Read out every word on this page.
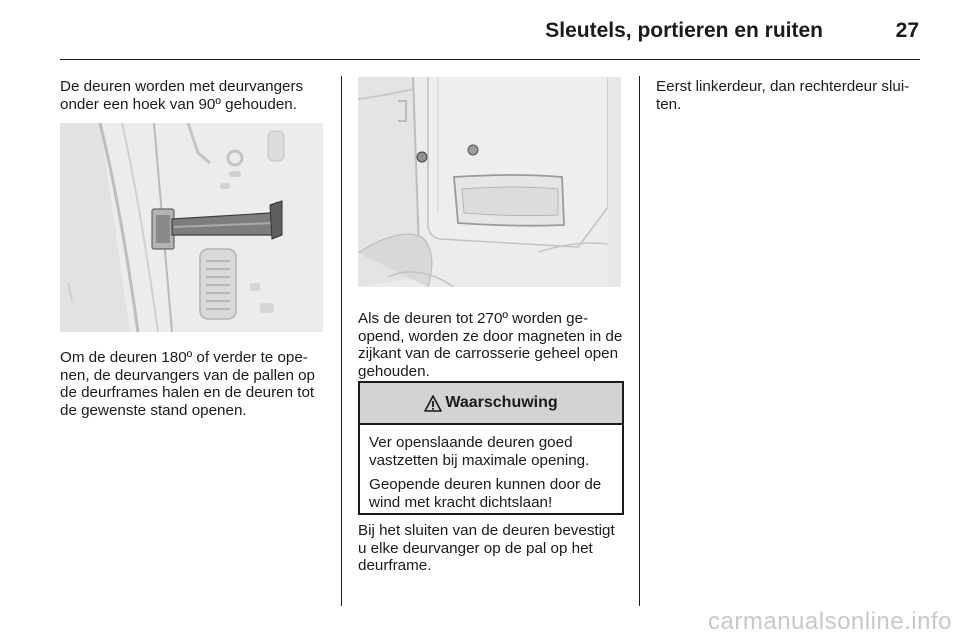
Sleutels, portieren en ruiten	27

De deuren worden met deurvangers onder een hoek van 90º gehouden.

Om de deuren 180º of verder te ope-nen, de deurvangers van de pallen op de deurframes halen en de deuren tot de gewenste stand openen.

Als de deuren tot 270º worden ge-opend, worden ze door magneten in de zijkant van de carrosserie geheel open gehouden.

Waarschuwing

Ver openslaande deuren goed vastzetten bij maximale opening.

Geopende deuren kunnen door de wind met kracht dichtslaan!

Bij het sluiten van de deuren bevestigt u elke deurvanger op de pal op het deurframe.

Eerst linkerdeur, dan rechterdeur slui-ten.

carmanualsonline.info
